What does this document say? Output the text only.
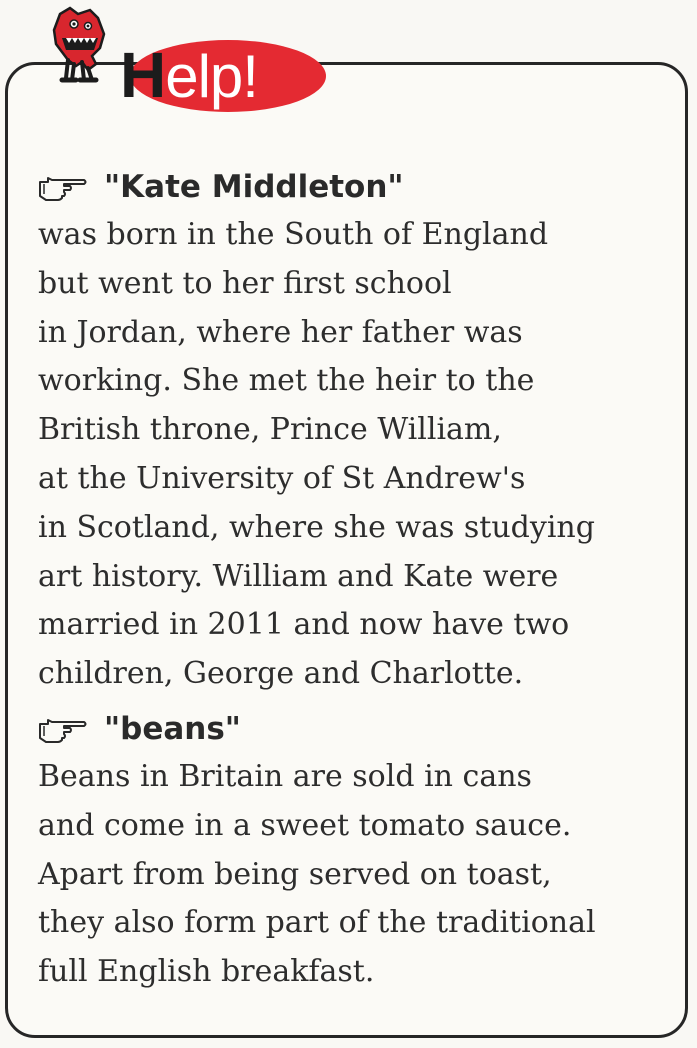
Help!
"Kate Middleton"
was born in the South of England
but went to her first school
in Jordan, where her father was
working. She met the heir to the
British throne, Prince William,
at the University of St Andrew's
in Scotland, where she was studying
art history. William and Kate were
married in 2011 and now have two
children, George and Charlotte.
"beans"
Beans in Britain are sold in cans
and come in a sweet tomato sauce.
Apart from being served on toast,
they also form part of the traditional
full English breakfast.
